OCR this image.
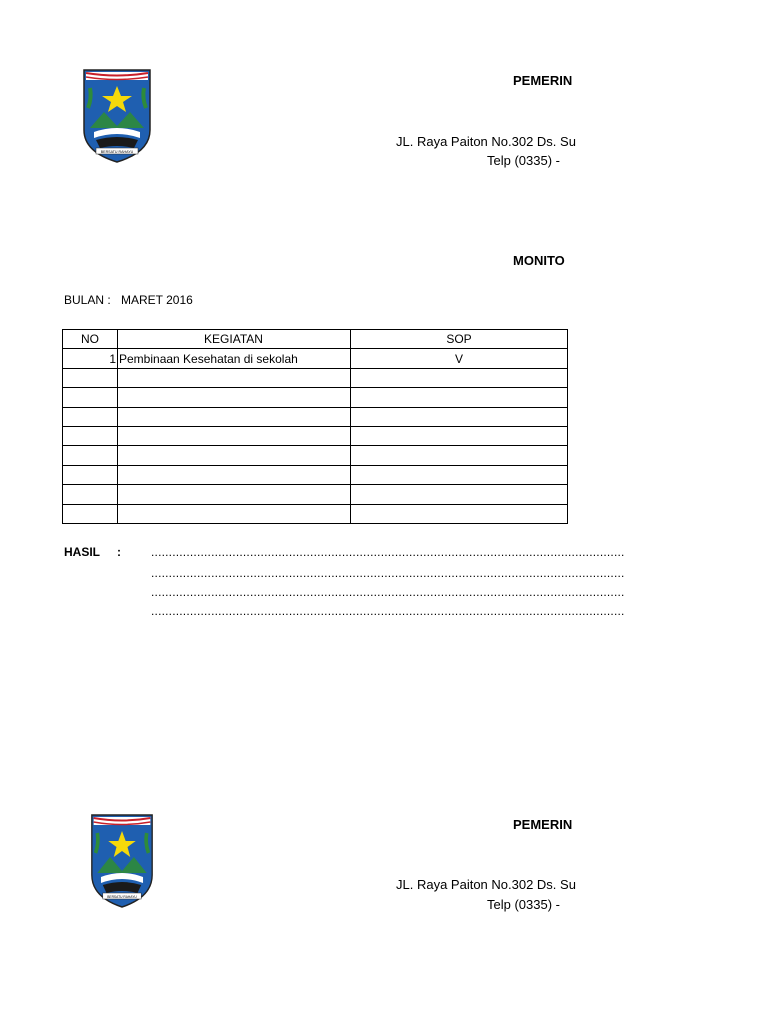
BERSATU RAHAYU
PEMERIN
JL. Raya Paiton No.302 Ds. Su
Telp (0335) -
MONITO
BULAN : MARET 2016
NO	KEGIATAN	SOP
1	Pembinaan Kesehatan di sekolah	V

HASIL	:	......................................................................................................................................
......................................................................................................................................
......................................................................................................................................
......................................................................................................................................
BERSATU RAHAYU
PEMERIN
JL. Raya Paiton No.302 Ds. Su
Telp (0335) -
